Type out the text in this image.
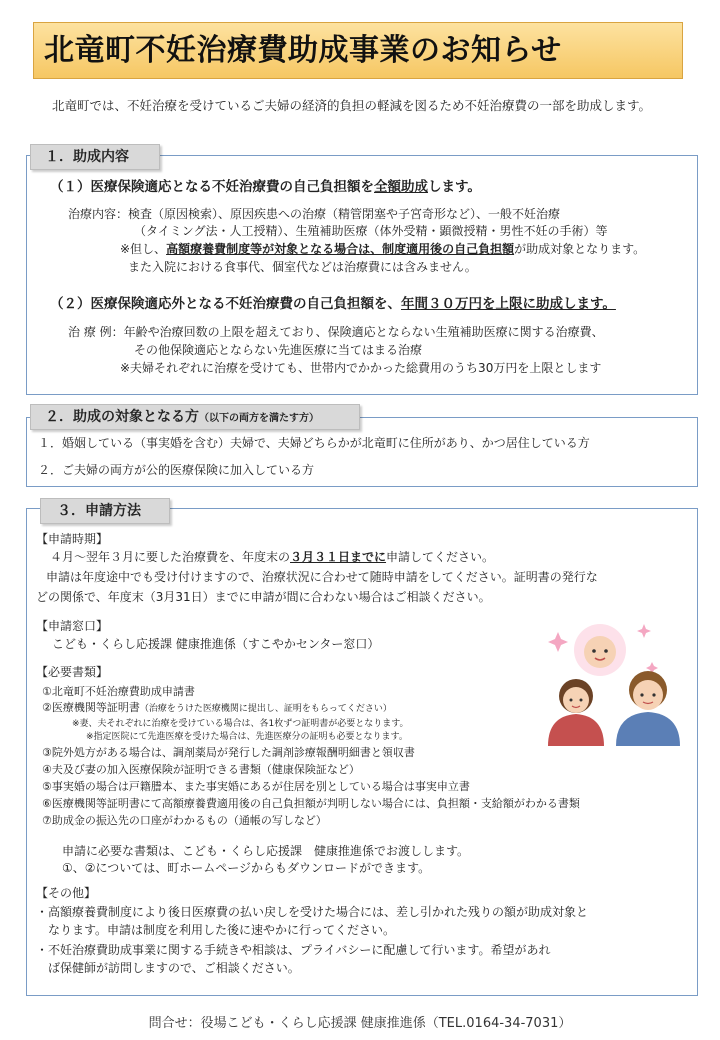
北竜町不妊治療費助成事業のお知らせ
北竜町では、不妊治療を受けているご夫婦の経済的負担の軽減を図るため不妊治療費の一部を助成します。
１．助成内容
（１）医療保険適応となる不妊治療費の自己負担額を全額助成します。
治療内容：検査（原因検索）、原因疾患への治療（精管閉塞や子宮奇形など）、一般不妊治療
（タイミング法・人工授精）、生殖補助医療（体外受精・顕微授精・男性不妊の手術）等
※但し、高額療養費制度等が対象となる場合は、制度適用後の自己負担額が助成対象となります。
また入院における食事代、個室代などは治療費には含みません。
（２）医療保険適応外となる不妊治療費の自己負担額を、年間３０万円を上限に助成します。
治 療 例：年齢や治療回数の上限を超えており、保険適応とならない生殖補助医療に関する治療費、
その他保険適応とならない先進医療に当てはまる治療
※夫婦それぞれに治療を受けても、世帯内でかかった総費用のうち30万円を上限とします
２．助成の対象となる方（以下の両方を満たす方）
１．婚姻している（事実婚を含む）夫婦で、夫婦どちらかが北竜町に住所があり、かつ居住している方
２．ご夫婦の両方が公的医療保険に加入している方
３．申請方法
【申請時期】
４月～翌年３月に要した治療費を、年度末の３月３１日までに申請してください。
申請は年度途中でも受け付けますので、治療状況に合わせて随時申請をしてください。証明書の発行な
どの関係で、年度末（3月31日）までに申請が間に合わない場合はご相談ください。
【申請窓口】
こども・くらし応援課 健康推進係（すこやかセンター窓口）
【必要書類】
①北竜町不妊治療費助成申請書
②医療機関等証明書（治療をうけた医療機関に提出し、証明をもらってください）
※妻、夫それぞれに治療を受けている場合は、各1枚ずつ証明書が必要となります。
※指定医院にて先進医療を受けた場合は、先進医療分の証明も必要となります。
③院外処方がある場合は、調剤薬局が発行した調剤診療報酬明細書と領収書
④夫及び妻の加入医療保険が証明できる書類（健康保険証など）
⑤事実婚の場合は戸籍謄本、また事実婚にあるが住居を別としている場合は事実申立書
⑥医療機関等証明書にて高額療養費適用後の自己負担額が判明しない場合には、負担額・支給額がわかる書類
⑦助成金の振込先の口座がわかるもの（通帳の写しなど）
申請に必要な書類は、こども・くらし応援課　健康推進係でお渡しします。
①、②については、町ホームページからもダウンロードができます。
【その他】
・高額療養費制度により後日医療費の払い戻しを受けた場合には、差し引かれた残りの額が助成対象と
なります。申請は制度を利用した後に速やかに行ってください。
・不妊治療費助成事業に関する手続きや相談は、プライバシーに配慮して行います。希望があれ
ば保健師が訪問しますので、ご相談ください。
問合せ：役場こども・くらし応援課 健康推進係（TEL.0164-34-7031）
